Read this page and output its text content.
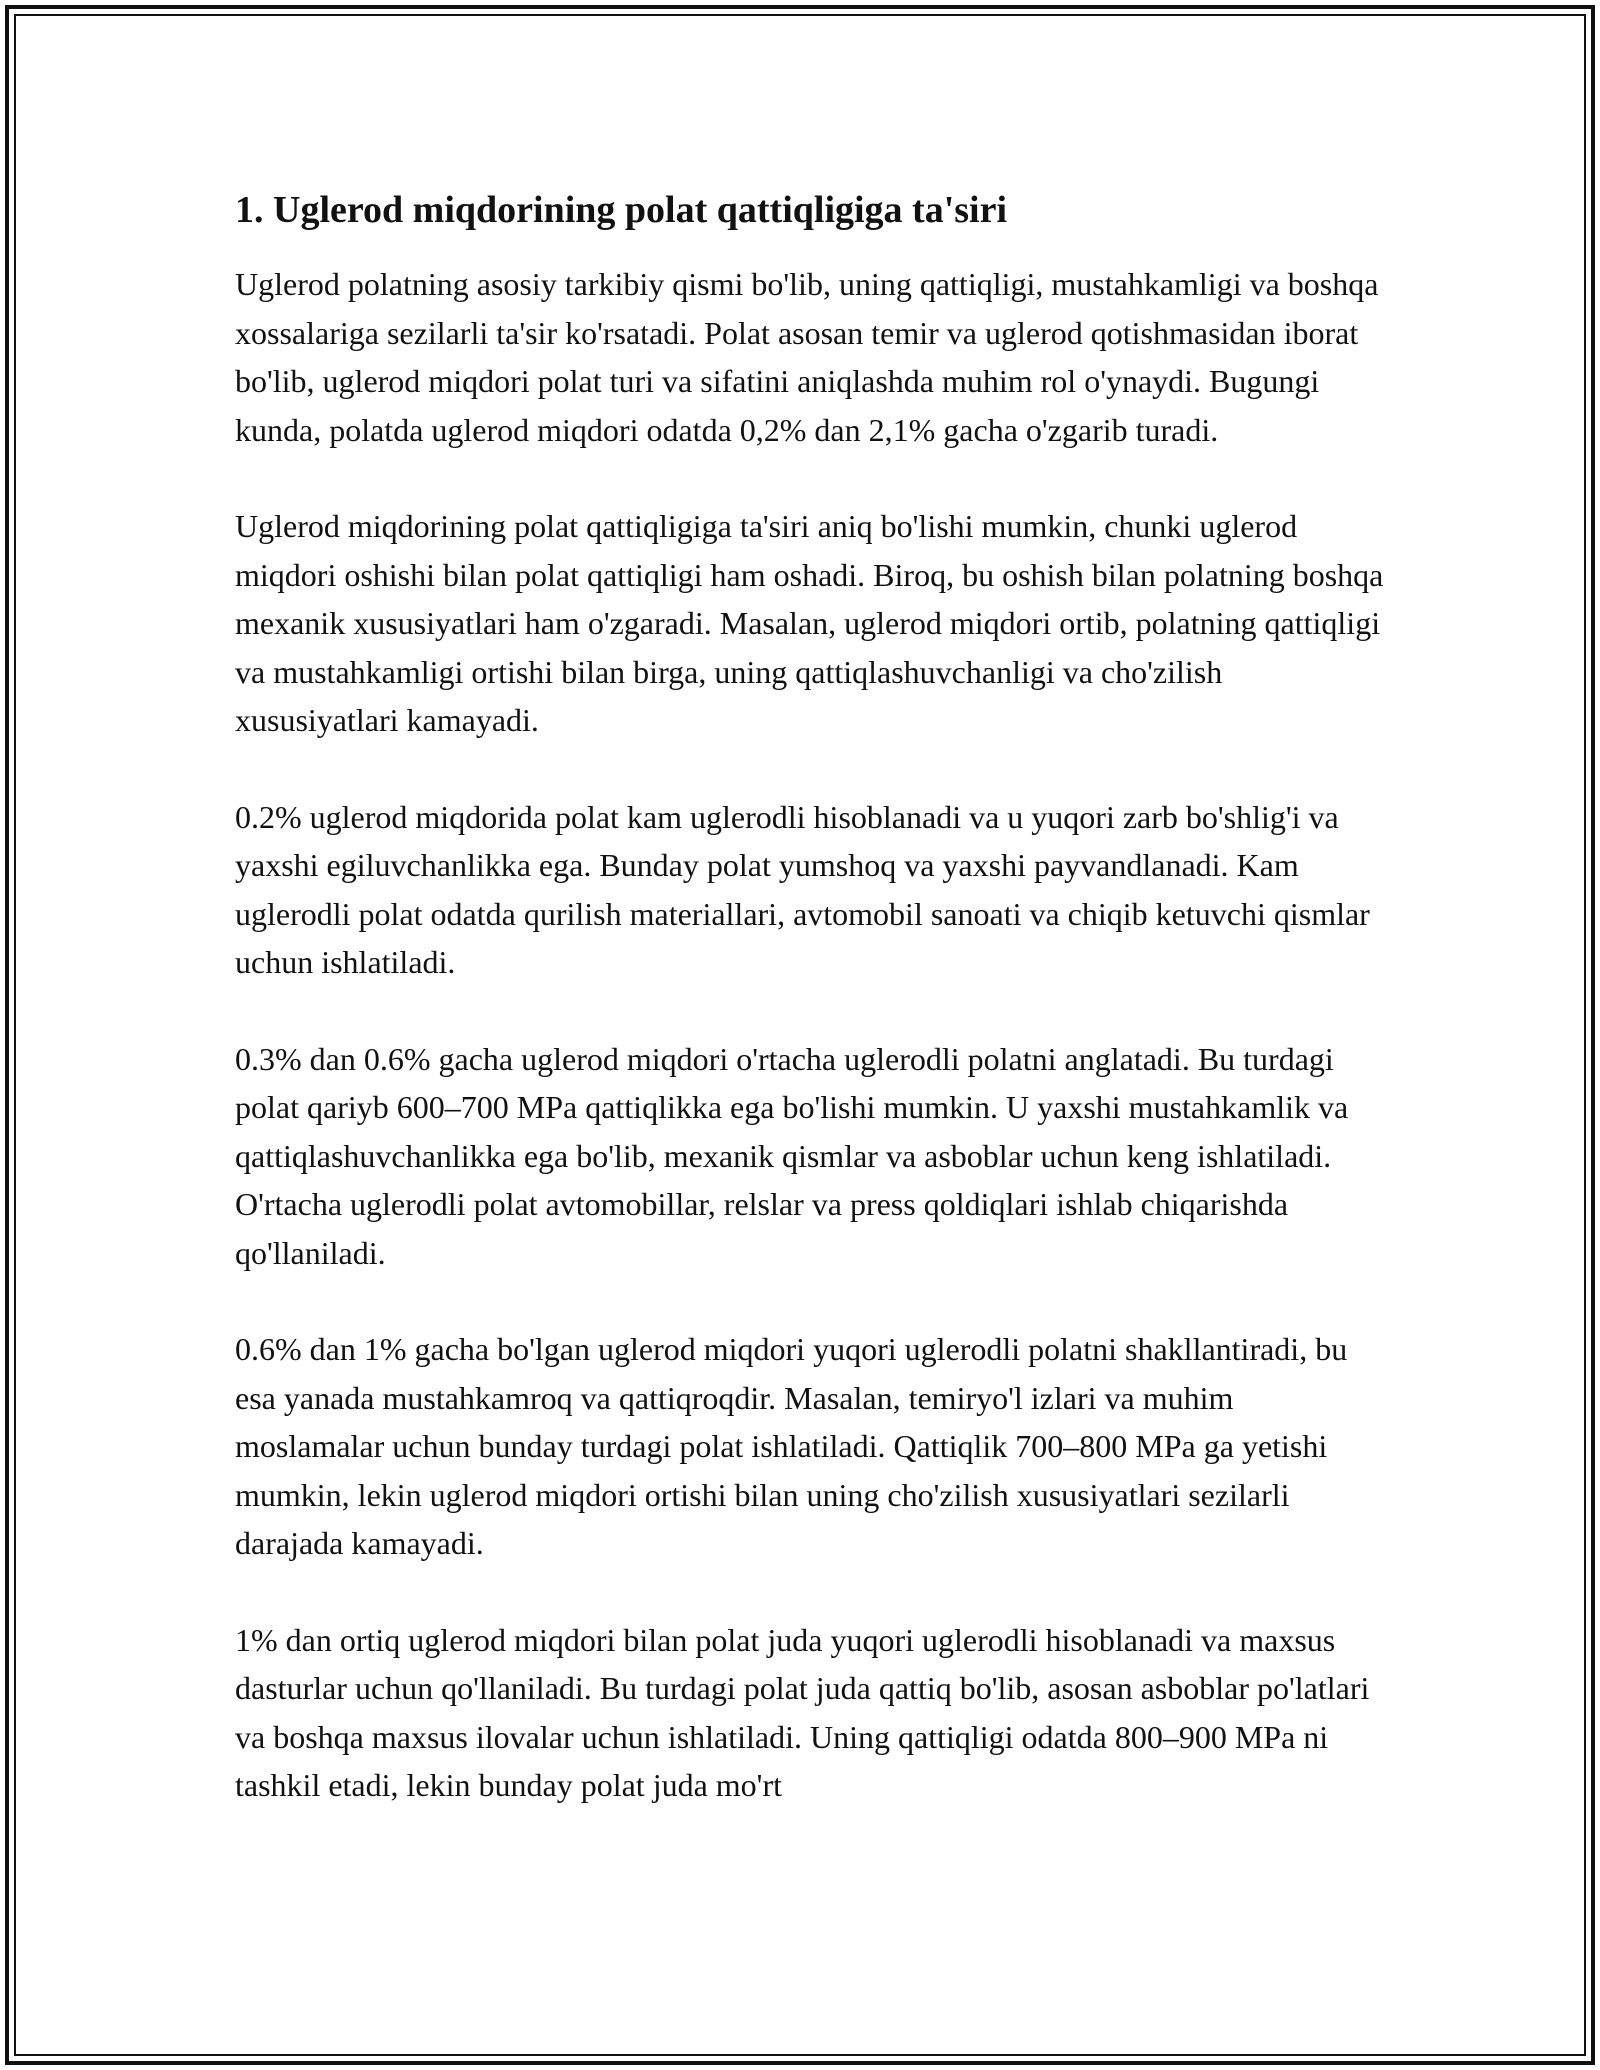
1. Uglerod miqdorining polat qattiqligiga ta'siri

Uglerod polatning asosiy tarkibiy qismi bo'lib, uning qattiqligi, mustahkamligi va boshqa xossalariga sezilarli ta'sir ko'rsatadi. Polat asosan temir va uglerod qotishmasidan iborat bo'lib, uglerod miqdori polat turi va sifatini aniqlashda muhim rol o'ynaydi. Bugungi kunda, polatda uglerod miqdori odatda 0,2% dan 2,1% gacha o'zgarib turadi.

Uglerod miqdorining polat qattiqligiga ta'siri aniq bo'lishi mumkin, chunki uglerod miqdori oshishi bilan polat qattiqligi ham oshadi. Biroq, bu oshish bilan polatning boshqa mexanik xususiyatlari ham o'zgaradi. Masalan, uglerod miqdori ortib, polatning qattiqligi va mustahkamligi ortishi bilan birga, uning qattiqlashuvchanligi va cho'zilish xususiyatlari kamayadi.

0.2% uglerod miqdorida polat kam uglerodli hisoblanadi va u yuqori zarb bo'shlig'i va yaxshi egiluvchanlikka ega. Bunday polat yumshoq va yaxshi payvandlanadi. Kam uglerodli polat odatda qurilish materiallari, avtomobil sanoati va chiqib ketuvchi qismlar uchun ishlatiladi.

0.3% dan 0.6% gacha uglerod miqdori o'rtacha uglerodli polatni anglatadi. Bu turdagi polat qariyb 600–700 MPa qattiqlikka ega bo'lishi mumkin. U yaxshi mustahkamlik va qattiqlashuvchanlikka ega bo'lib, mexanik qismlar va asboblar uchun keng ishlatiladi. O'rtacha uglerodli polat avtomobillar, relslar va press qoldiqlari ishlab chiqarishda qo'llaniladi.

0.6% dan 1% gacha bo'lgan uglerod miqdori yuqori uglerodli polatni shakllantiradi, bu esa yanada mustahkamroq va qattiqroqdir. Masalan, temiryo'l izlari va muhim moslamalar uchun bunday turdagi polat ishlatiladi. Qattiqlik 700–800 MPa ga yetishi mumkin, lekin uglerod miqdori ortishi bilan uning cho'zilish xususiyatlari sezilarli darajada kamayadi.

1% dan ortiq uglerod miqdori bilan polat juda yuqori uglerodli hisoblanadi va maxsus dasturlar uchun qo'llaniladi. Bu turdagi polat juda qattiq bo'lib, asosan asboblar po'latlari va boshqa maxsus ilovalar uchun ishlatiladi. Uning qattiqligi odatda 800–900 MPa ni tashkil etadi, lekin bunday polat juda mo'rt
